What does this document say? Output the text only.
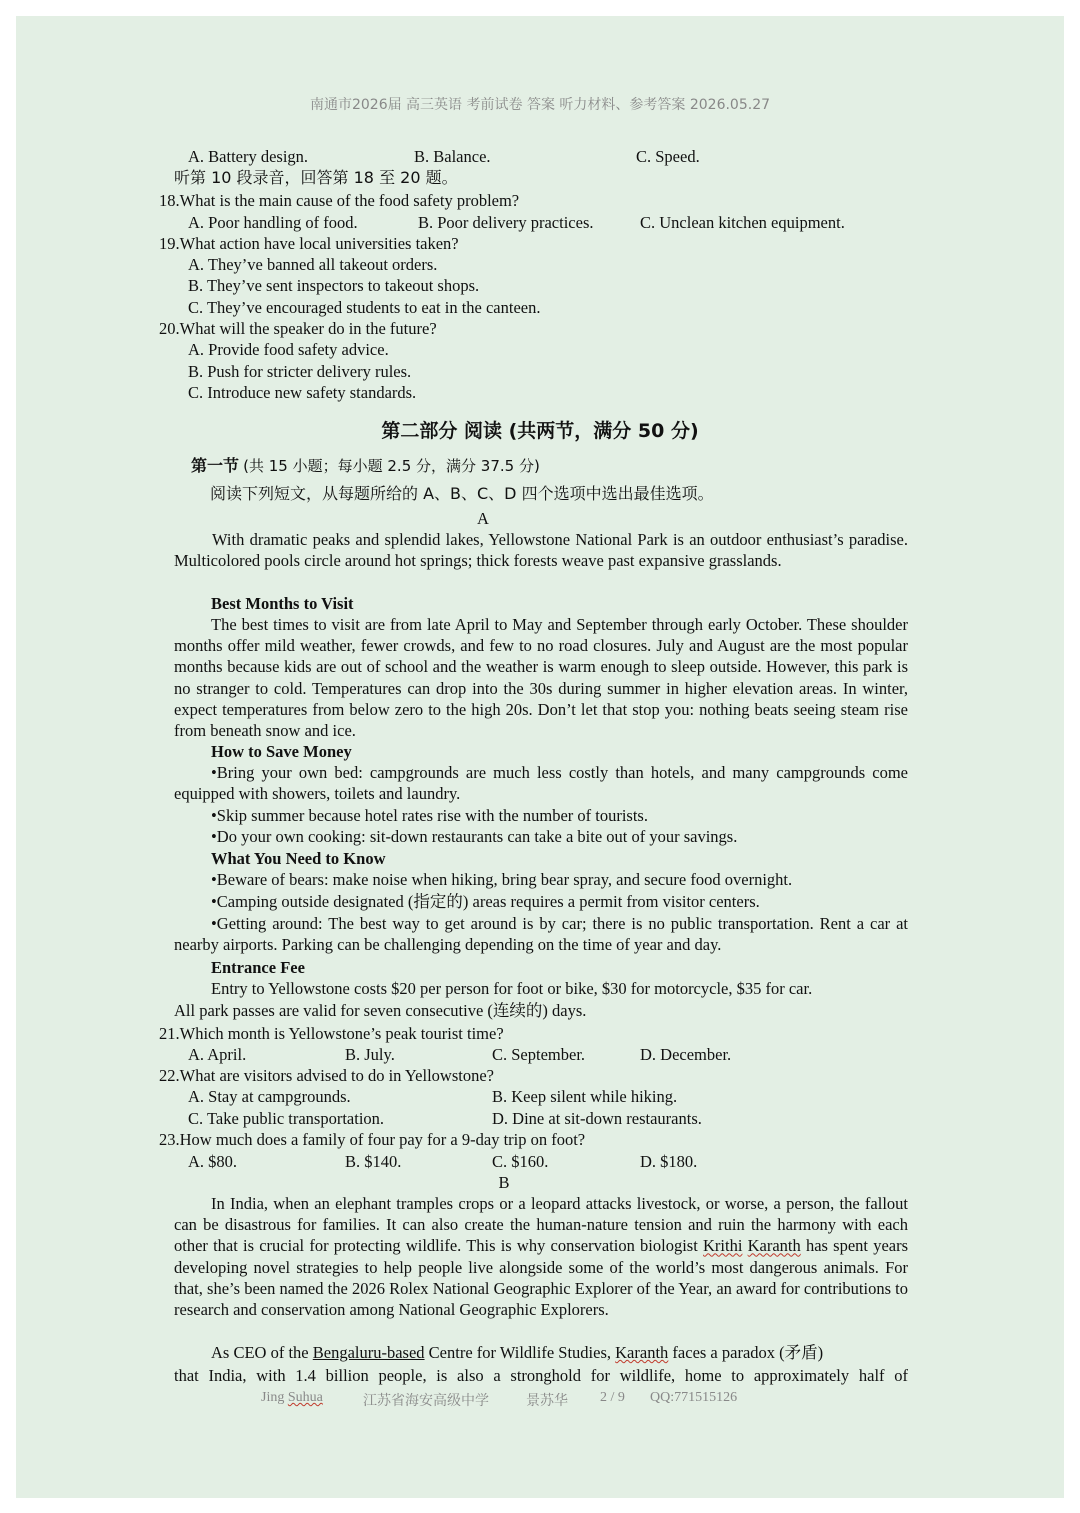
南通市2026届 高三英语 考前试卷 答案 听力材料、参考答案 2026.05.27
A. Battery design.	B. Balance.	C. Speed.
听第 10 段录音，回答第 18 至 20 题。
18.What is the main cause of the food safety problem?
A. Poor handling of food.	B. Poor delivery practices.	C. Unclean kitchen equipment.
19.What action have local universities taken?
A. They’ve banned all takeout orders.
B. They’ve sent inspectors to takeout shops.
C. They’ve encouraged students to eat in the canteen.
20.What will the speaker do in the future?
A. Provide food safety advice.
B. Push for stricter delivery rules.
C. Introduce new safety standards.
第二部分 阅读 (共两节，满分 50 分)
第一节 (共 15 小题；每小题 2.5 分，满分 37.5 分)
阅读下列短文，从每题所给的 A、B、C、D 四个选项中选出最佳选项。
A
With dramatic peaks and splendid lakes, Yellowstone National Park is an outdoor enthusiast’s paradise. Multicolored pools circle around hot springs; thick forests weave past expansive grasslands.
Best Months to Visit
The best times to visit are from late April to May and September through early October. These shoulder months offer mild weather, fewer crowds, and few to no road closures. July and August are the most popular months because kids are out of school and the weather is warm enough to sleep outside. However, this park is no stranger to cold. Temperatures can drop into the 30s during summer in higher elevation areas. In winter, expect temperatures from below zero to the high 20s. Don’t let that stop you: nothing beats seeing steam rise from beneath snow and ice.
How to Save Money
• Bring your own bed: campgrounds are much less costly than hotels, and many campgrounds come equipped with showers, toilets and laundry.
• Skip summer because hotel rates rise with the number of tourists.
• Do your own cooking: sit-down restaurants can take a bite out of your savings.
What You Need to Know
• Beware of bears: make noise when hiking, bring bear spray, and secure food overnight.
• Camping outside designated (指定的) areas requires a permit from visitor centers.
• Getting around: The best way to get around is by car; there is no public transportation. Rent a car at nearby airports. Parking can be challenging depending on the time of year and day.
Entrance Fee
Entry to Yellowstone costs $20 per person for foot or bike, $30 for motorcycle, $35 for car.
All park passes are valid for seven consecutive (连续的) days.
21.Which month is Yellowstone’s peak tourist time?
A. April.	B. July.	C. September.	D. December.
22.What are visitors advised to do in Yellowstone?
A. Stay at campgrounds.	B. Keep silent while hiking.
C. Take public transportation.	D. Dine at sit-down restaurants.
23.How much does a family of four pay for a 9-day trip on foot?
A. $80.	B. $140.	C. $160.	D. $180.
B
In India, when an elephant tramples crops or a leopard attacks livestock, or worse, a person, the fallout can be disastrous for families. It can also create the human-nature tension and ruin the harmony with each other that is crucial for protecting wildlife. This is why conservation biologist Krithi Karanth has spent years developing novel strategies to help people live alongside some of the world’s most dangerous animals. For that, she’s been named the 2026 Rolex National Geographic Explorer of the Year, an award for contributions to research and conservation among National Geographic Explorers.
As CEO of the Bengaluru-based Centre for Wildlife Studies, Karanth faces a paradox (矛盾)
that India, with 1.4 billion people, is also a stronghold for wildlife, home to approximately half of
Jing Suhua	江苏省海安高级中学	景苏华 2 / 9 QQ:771515126
